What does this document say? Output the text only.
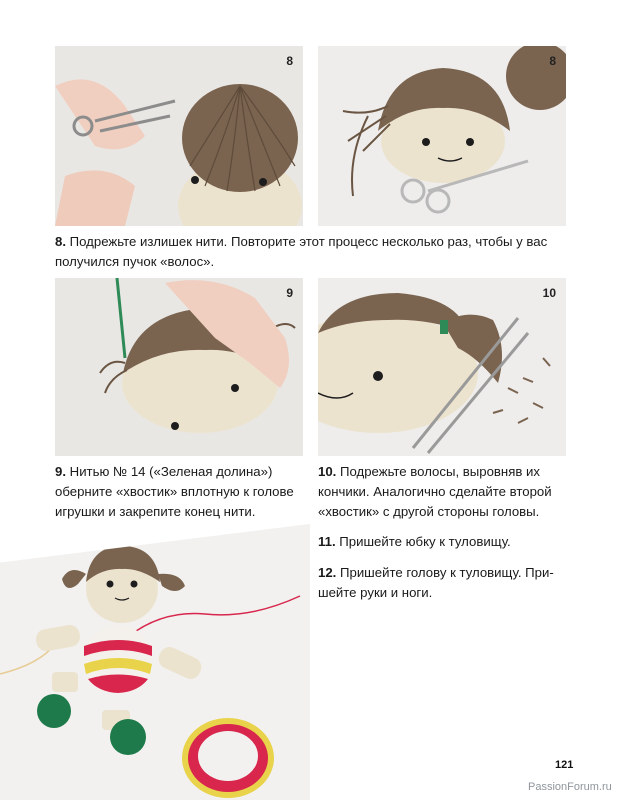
8	8
8. Подрежьте излишек нити. Повторите этот процесс несколько раз, чтобы у вас получился пучок «волос».
9	10
9. Нитью № 14 («Зеленая долина») оберните «хвостик» вплотную к голове игрушки и закрепите конец нити.
10. Подрежьте волосы, выровняв их кончики. Аналогично сделайте второй «хвостик» с другой стороны головы.
11. Пришейте юбку к туловищу.
12. Пришейте голову к туловищу. Пришейте руки и ноги.
121
PassionForum.ru
